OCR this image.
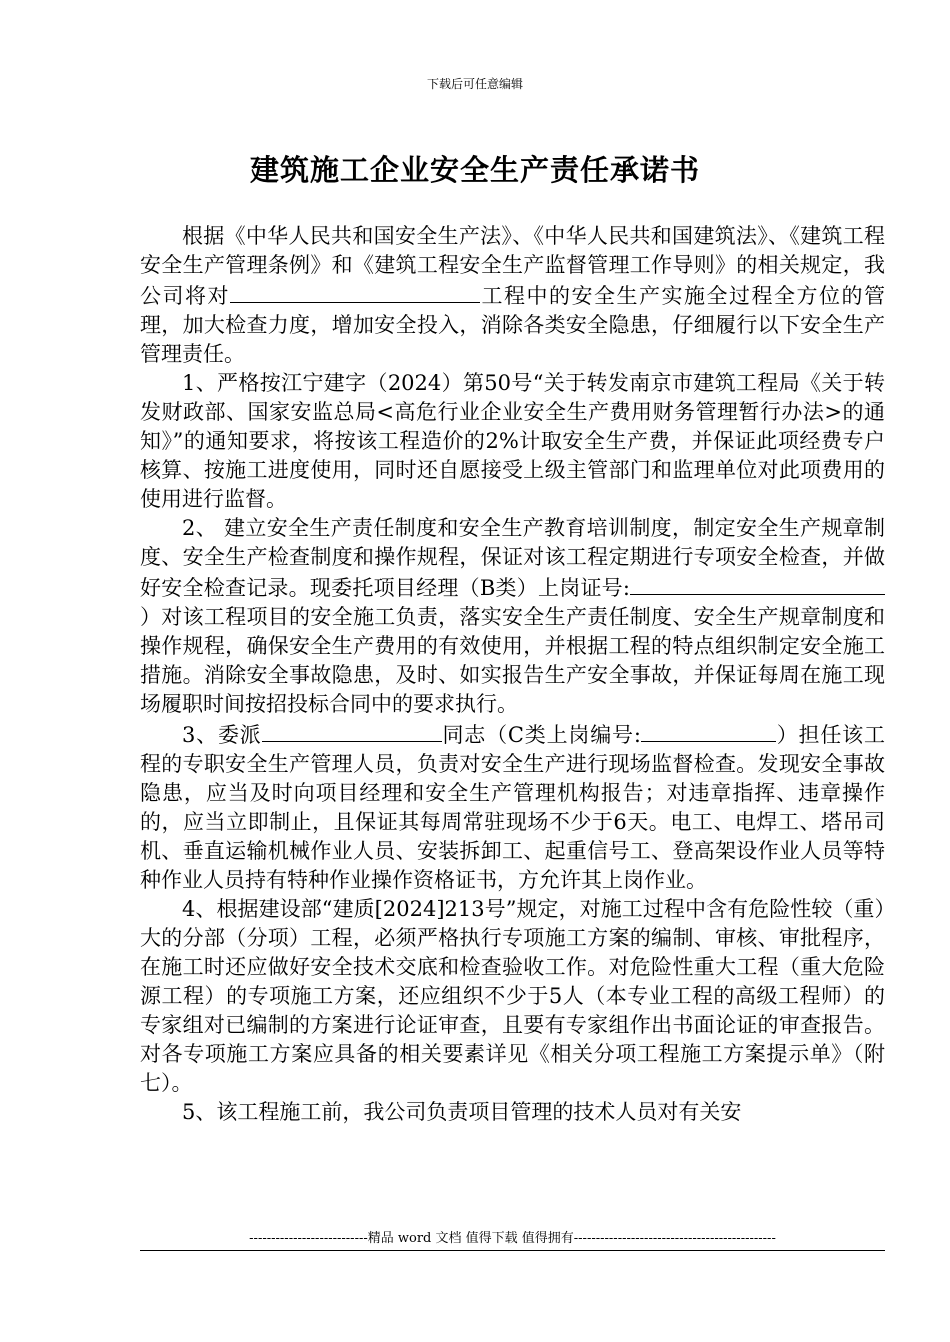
下载后可任意编辑
建筑施工企业安全生产责任承诺书

根据《中华人民共和国安全生产法》、《中华人民共和国建筑法》、《建筑工程安全生产管理条例》和《建筑工程安全生产监督管理工作导则》的相关规定，我公司将对	工程中的安全生产实施全过程全方位的管理，加大检查力度，增加安全投入，消除各类安全隐患，仔细履行以下安全生产管理责任。

1、严格按江宁建字（2024）第50号“关于转发南京市建筑工程局《关于转发财政部、国家安监总局<高危行业企业安全生产费用财务管理暂行办法>的通知》”的通知要求，将按该工程造价的2%计取安全生产费，并保证此项经费专户核算、按施工进度使用，同时还自愿接受上级主管部门和监理单位对此项费用的使用进行监督。

2、 建立安全生产责任制度和安全生产教育培训制度，制定安全生产规章制度、安全生产检查制度和操作规程，保证对该工程定期进行专项安全检查，并做好安全检查记录。现委托项目经理（B类）上岗证号:）对该工程项目的安全施工负责，落实安全生产责任制度、安全生产规章制度和操作规程，确保安全生产费用的有效使用，并根据工程的特点组织制定安全施工措施。消除安全事故隐患，及时、如实报告生产安全事故，并保证每周在施工现场履职时间按招投标合同中的要求执行。

3、委派	同志（C类上岗编号:	）担任该工程的专职安全生产管理人员，负责对安全生产进行现场监督检查。发现安全事故隐患，应当及时向项目经理和安全生产管理机构报告；对违章指挥、违章操作的，应当立即制止，且保证其每周常驻现场不少于6天。电工、电焊工、塔吊司机、垂直运输机械作业人员、安装拆卸工、起重信号工、登高架设作业人员等特种作业人员持有特种作业操作资格证书，方允许其上岗作业。

4、根据建设部“建质[2024]213号”规定，对施工过程中含有危险性较（重）大的分部（分项）工程，必须严格执行专项施工方案的编制、审核、审批程序，在施工时还应做好安全技术交底和检查验收工作。对危险性重大工程（重大危险源工程）的专项施工方案，还应组织不少于5人（本专业工程的高级工程师）的专家组对已编制的方案进行论证审查，且要有专家组作出书面论证的审查报告。对各专项施工方案应具备的相关要素详见《相关分项工程施工方案提示单》（附七）。

5、该工程施工前，我公司负责项目管理的技术人员对有关安

---------------------------精品 word 文档 值得下载 值得拥有----------------------------------------------
